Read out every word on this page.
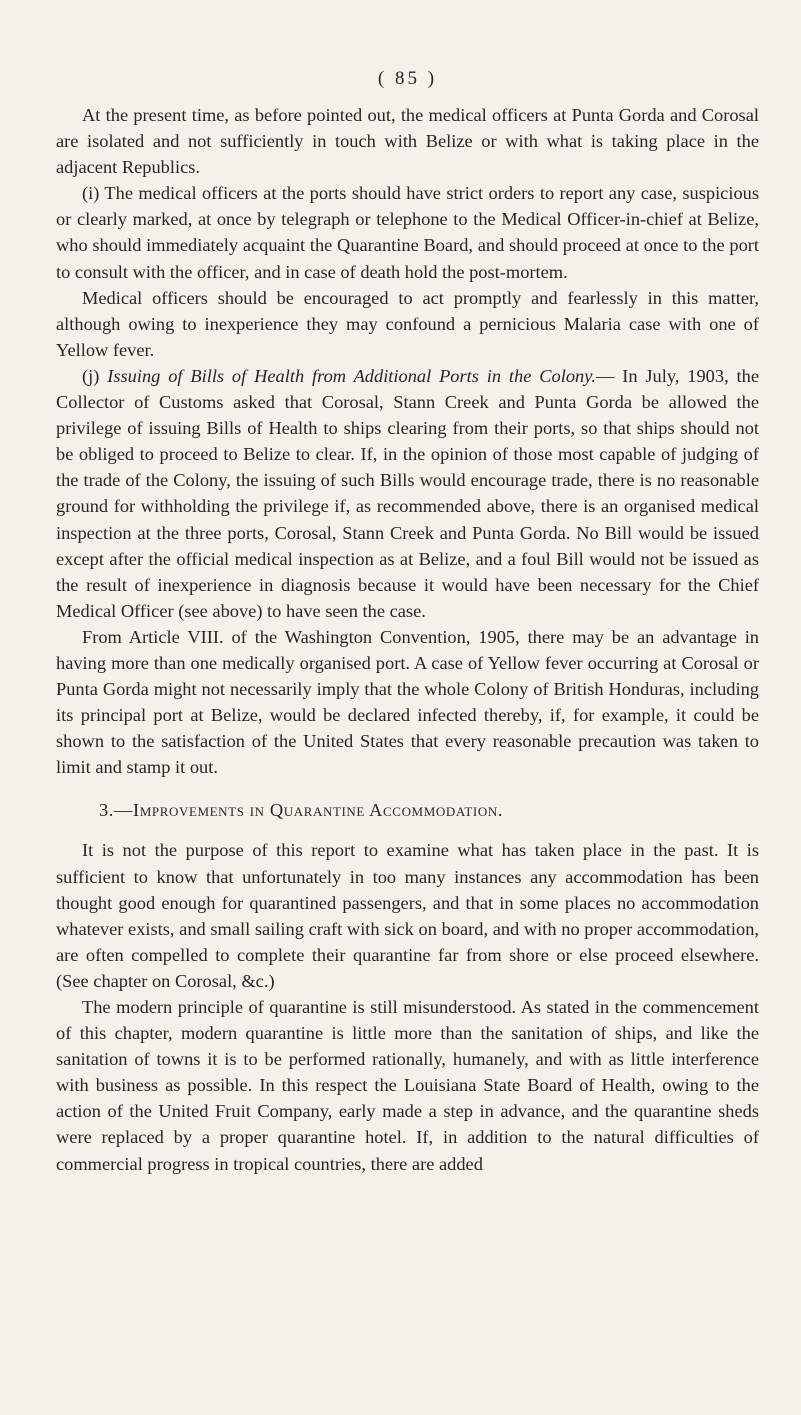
( 85 )

At the present time, as before pointed out, the medical officers at Punta Gorda and Corosal are isolated and not sufficiently in touch with Belize or with what is taking place in the adjacent Republics.

(i) The medical officers at the ports should have strict orders to report any case, suspicious or clearly marked, at once by telegraph or telephone to the Medical Officer-in-chief at Belize, who should immediately acquaint the Quarantine Board, and should proceed at once to the port to consult with the officer, and in case of death hold the post-mortem.

Medical officers should be encouraged to act promptly and fearlessly in this matter, although owing to inexperience they may confound a pernicious Malaria case with one of Yellow fever.

(j) Issuing of Bills of Health from Additional Ports in the Colony.— In July, 1903, the Collector of Customs asked that Corosal, Stann Creek and Punta Gorda be allowed the privilege of issuing Bills of Health to ships clearing from their ports, so that ships should not be obliged to proceed to Belize to clear. If, in the opinion of those most capable of judging of the trade of the Colony, the issuing of such Bills would encourage trade, there is no reasonable ground for withholding the privilege if, as recommended above, there is an organised medical inspection at the three ports, Corosal, Stann Creek and Punta Gorda. No Bill would be issued except after the official medical inspection as at Belize, and a foul Bill would not be issued as the result of inexperience in diagnosis because it would have been necessary for the Chief Medical Officer (see above) to have seen the case.

From Article VIII. of the Washington Convention, 1905, there may be an advantage in having more than one medically organised port. A case of Yellow fever occurring at Corosal or Punta Gorda might not necessarily imply that the whole Colony of British Honduras, including its principal port at Belize, would be declared infected thereby, if, for example, it could be shown to the satisfaction of the United States that every reasonable precaution was taken to limit and stamp it out.

3.—Improvements in Quarantine Accommodation.

It is not the purpose of this report to examine what has taken place in the past. It is sufficient to know that unfortunately in too many instances any accommodation has been thought good enough for quarantined passengers, and that in some places no accommodation whatever exists, and small sailing craft with sick on board, and with no proper accommodation, are often compelled to complete their quarantine far from shore or else proceed elsewhere. (See chapter on Corosal, &c.)

The modern principle of quarantine is still misunderstood. As stated in the commencement of this chapter, modern quarantine is little more than the sanitation of ships, and like the sanitation of towns it is to be performed rationally, humanely, and with as little interference with business as possible. In this respect the Louisiana State Board of Health, owing to the action of the United Fruit Company, early made a step in advance, and the quarantine sheds were replaced by a proper quarantine hotel. If, in addition to the natural difficulties of commercial progress in tropical countries, there are added
